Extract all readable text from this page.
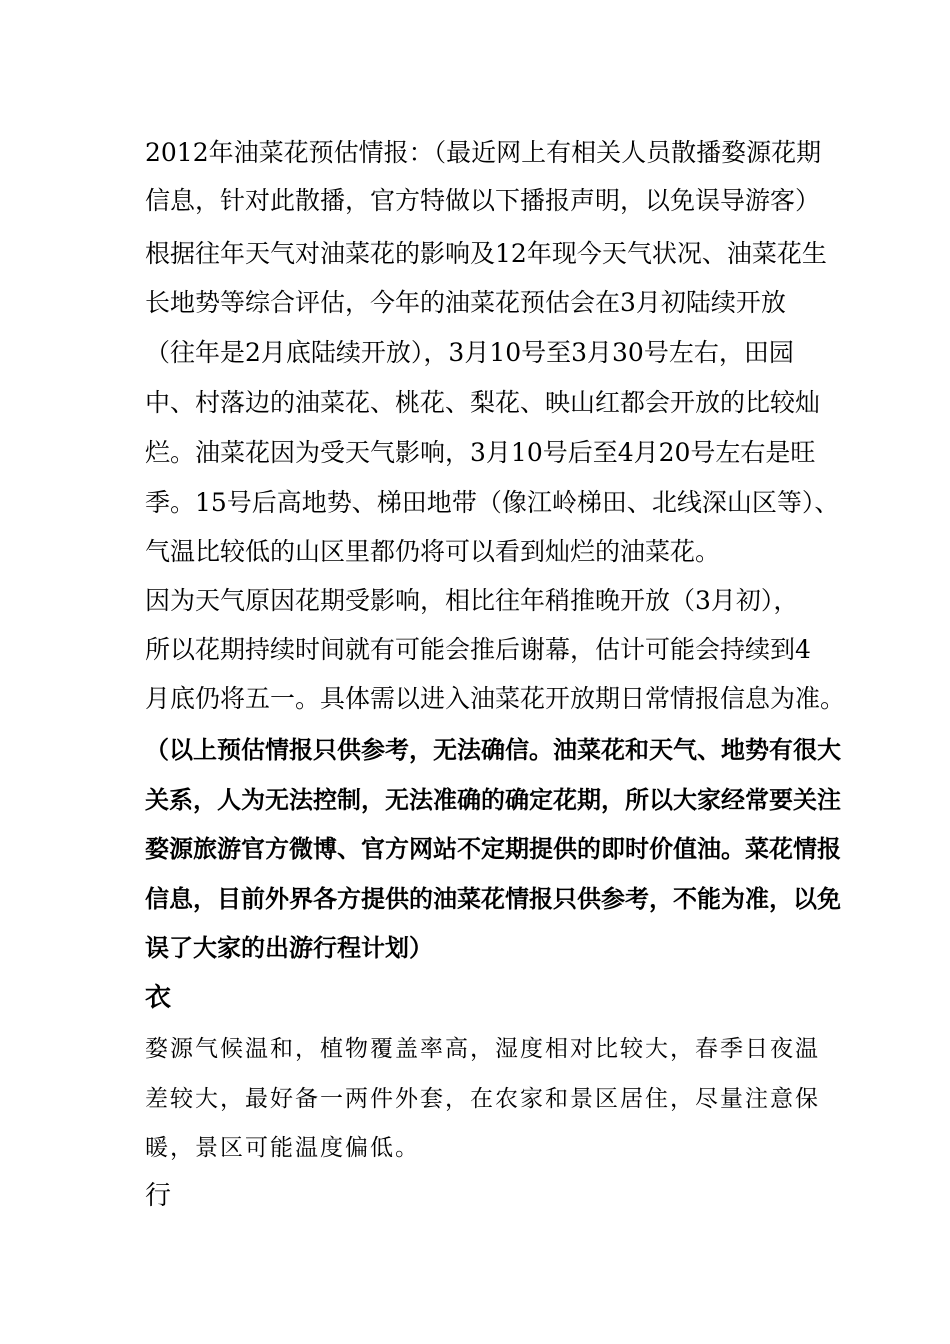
2012年油菜花预估情报：（最近网上有相关人员散播婺源花期
信息，针对此散播，官方特做以下播报声明，以免误导游客）
根据往年天气对油菜花的影响及12年现今天气状况、油菜花生
长地势等综合评估，今年的油菜花预估会在3月初陆续开放
（往年是2月底陆续开放），3月10号至3月30号左右，田园
中、村落边的油菜花、桃花、梨花、映山红都会开放的比较灿
烂。油菜花因为受天气影响，3月10号后至4月20号左右是旺
季。15号后高地势、梯田地带（像江岭梯田、北线深山区等）、
气温比较低的山区里都仍将可以看到灿烂的油菜花。
因为天气原因花期受影响，相比往年稍推晚开放（3月初），
所以花期持续时间就有可能会推后谢幕，估计可能会持续到4
月底仍将五一。具体需以进入油菜花开放期日常情报信息为准。
（以上预估情报只供参考，无法确信。油菜花和天气、地势有很大
关系，人为无法控制，无法准确的确定花期，所以大家经常要关注
婺源旅游官方微博、官方网站不定期提供的即时价值油。菜花情报
信息，目前外界各方提供的油菜花情报只供参考，不能为准，以免
误了大家的出游行程计划）
衣
婺源气候温和，植物覆盖率高，湿度相对比较大，春季日夜温
差较大，最好备一两件外套，在农家和景区居住，尽量注意保
暖，景区可能温度偏低。
行
